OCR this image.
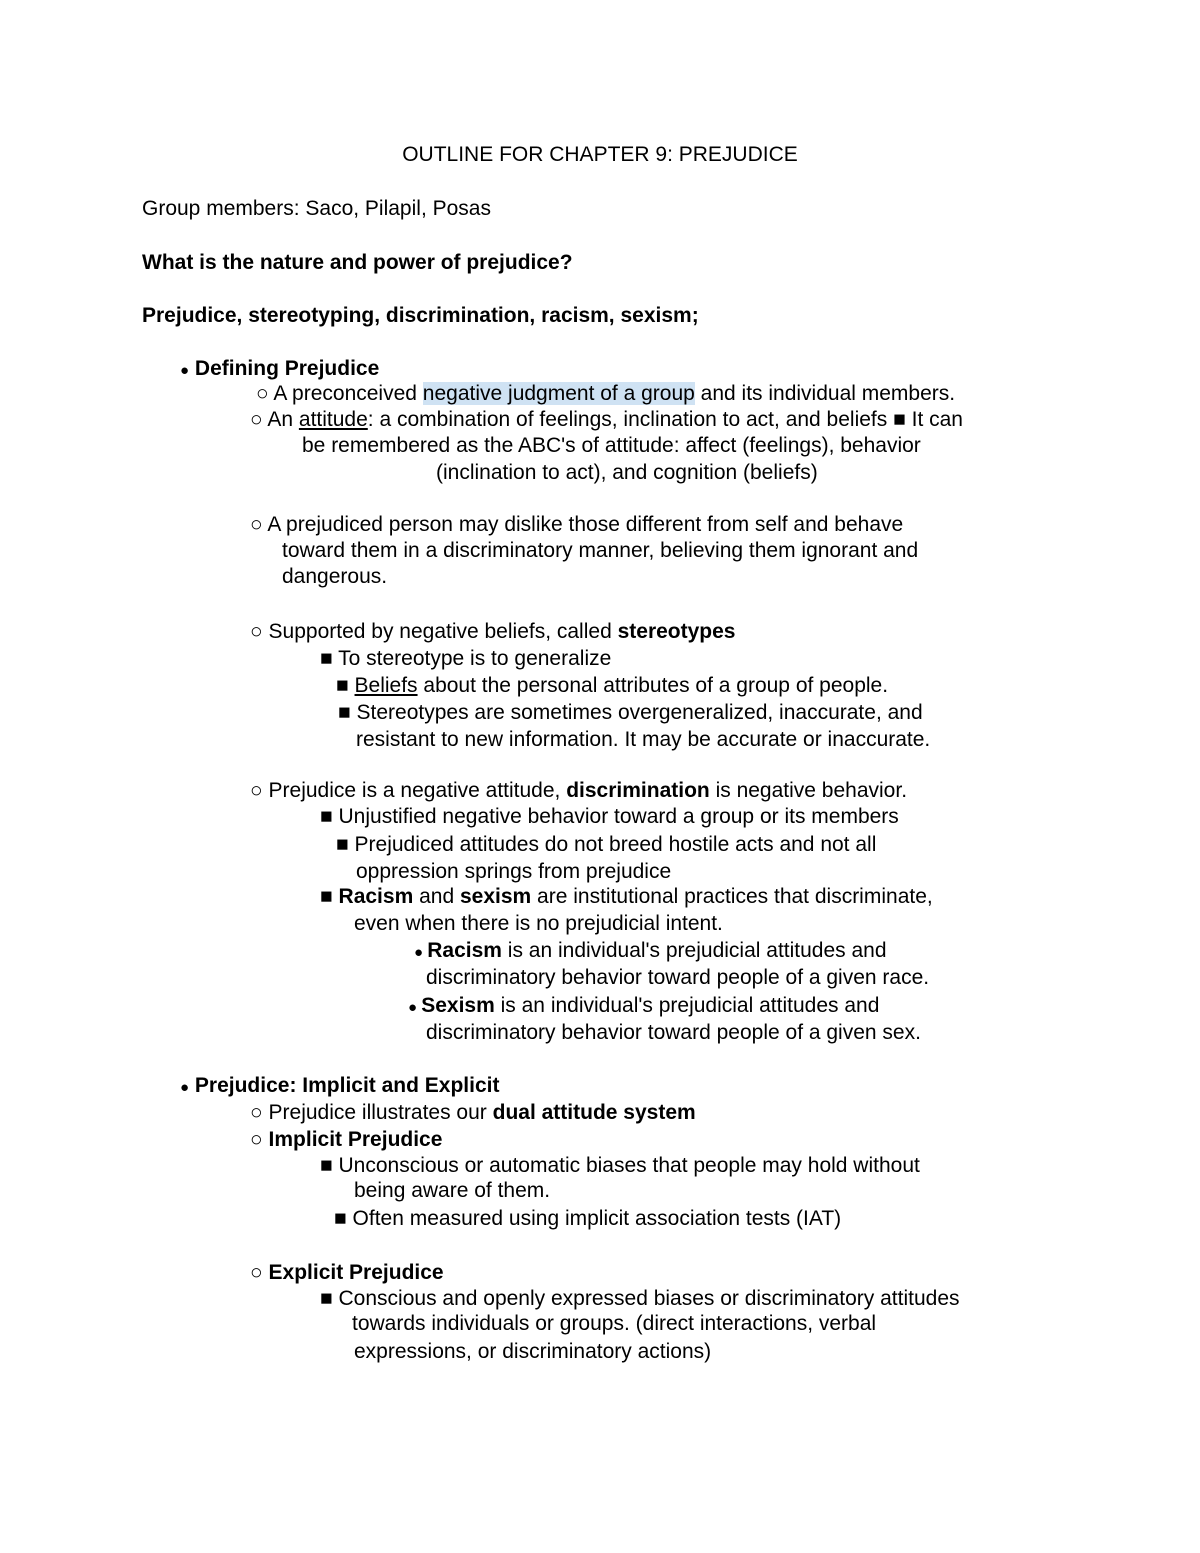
OUTLINE FOR CHAPTER 9: PREJUDICE
Group members: Saco, Pilapil, Posas
What is the nature and power of prejudice?
Prejudice, stereotyping, discrimination, racism, sexism;
● Defining Prejudice
○ A preconceived negative judgment of a group and its individual members.
○ An attitude: a combination of feelings, inclination to act, and beliefs ■ It can
be remembered as the ABC's of attitude: affect (feelings), behavior
(inclination to act), and cognition (beliefs)
○ A prejudiced person may dislike those different from self and behave
toward them in a discriminatory manner, believing them ignorant and
dangerous.
○ Supported by negative beliefs, called stereotypes
■ To stereotype is to generalize
■ Beliefs about the personal attributes of a group of people.
■ Stereotypes are sometimes overgeneralized, inaccurate, and
resistant to new information. It may be accurate or inaccurate.
○ Prejudice is a negative attitude, discrimination is negative behavior.
■ Unjustified negative behavior toward a group or its members
■ Prejudiced attitudes do not breed hostile acts and not all
oppression springs from prejudice
■ Racism and sexism are institutional practices that discriminate,
even when there is no prejudicial intent.
● Racism is an individual's prejudicial attitudes and
discriminatory behavior toward people of a given race.
● Sexism is an individual's prejudicial attitudes and
discriminatory behavior toward people of a given sex.
● Prejudice: Implicit and Explicit
○ Prejudice illustrates our dual attitude system
○ Implicit Prejudice
■ Unconscious or automatic biases that people may hold without
being aware of them.
■ Often measured using implicit association tests (IAT)
○ Explicit Prejudice
■ Conscious and openly expressed biases or discriminatory attitudes
towards individuals or groups. (direct interactions, verbal
expressions, or discriminatory actions)
